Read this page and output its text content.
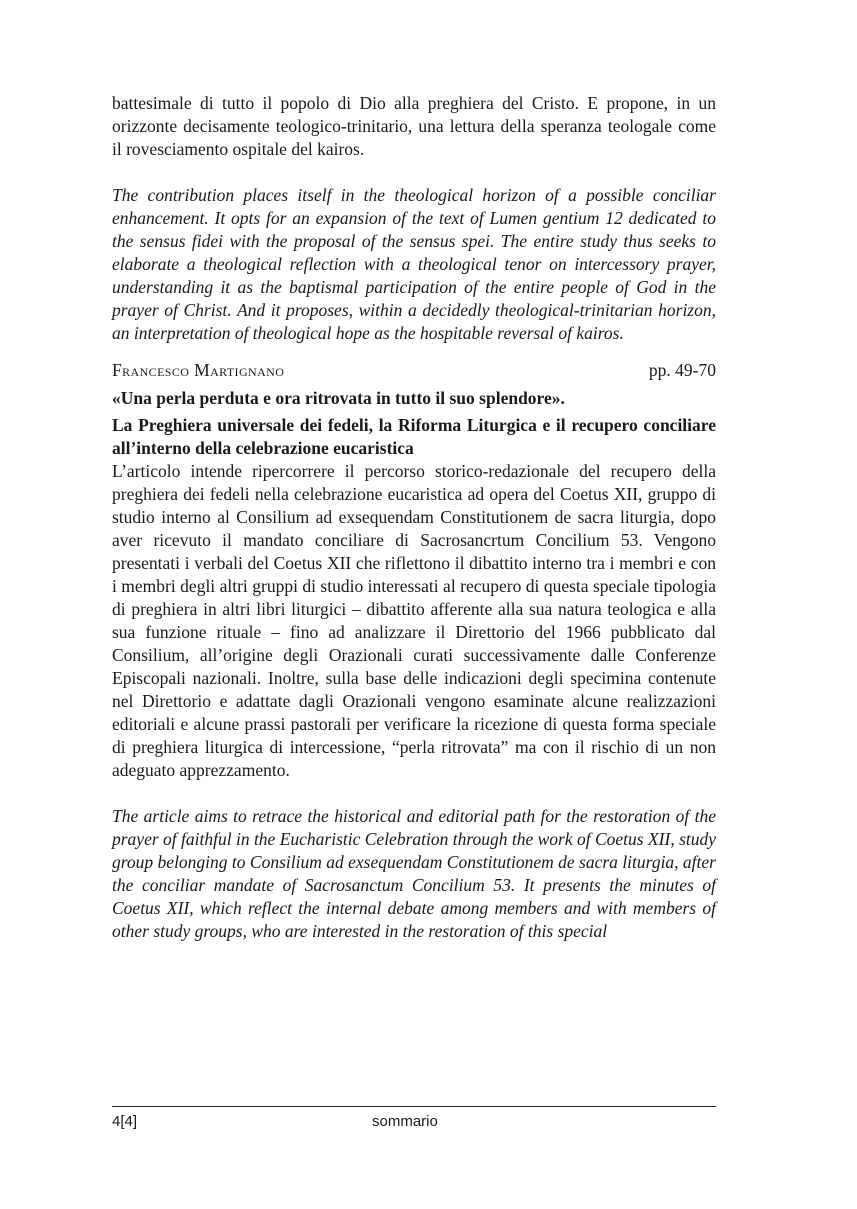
battesimale di tutto il popolo di Dio alla preghiera del Cristo. E propone, in un orizzonte decisamente teologico-trinitario, una lettura della speranza teologale come il rovesciamento ospitale del kairos.

The contribution places itself in the theological horizon of a possible conciliar enhancement. It opts for an expansion of the text of Lumen gentium 12 dedicated to the sensus fidei with the proposal of the sensus spei. The entire study thus seeks to elaborate a theological reflection with a theological tenor on intercessory prayer, understanding it as the baptismal participation of the entire people of God in the prayer of Christ. And it proposes, within a decidedly theological-trinitarian horizon, an interpretation of theological hope as the hospitable reversal of kairos.

Francesco Martignano	pp. 49-70

«Una perla perduta e ora ritrovata in tutto il suo splendore».

La Preghiera universale dei fedeli, la Riforma Liturgica e il recupero conciliare all’interno della celebrazione eucaristica

L’articolo intende ripercorrere il percorso storico-redazionale del recupero della preghiera dei fedeli nella celebrazione eucaristica ad opera del Coetus XII, gruppo di studio interno al Consilium ad exsequendam Constitutionem de sacra liturgia, dopo aver ricevuto il mandato conciliare di Sacrosancrtum Concilium 53. Vengono presentati i verbali del Coetus XII che riflettono il dibattito interno tra i membri e con i membri degli altri gruppi di studio interessati al recupero di questa speciale tipologia di preghiera in altri libri liturgici – dibattito afferente alla sua natura teologica e alla sua funzione rituale – fino ad analizzare il Direttorio del 1966 pubblicato dal Consilium, all’origine degli Orazionali curati successivamente dalle Conferenze Episcopali nazionali. Inoltre, sulla base delle indicazioni degli specimina contenute nel Direttorio e adattate dagli Orazionali vengono esaminate alcune realizzazioni editoriali e alcune prassi pastorali per verificare la ricezione di questa forma speciale di preghiera liturgica di intercessione, “perla ritrovata” ma con il rischio di un non adeguato apprezzamento.

The article aims to retrace the historical and editorial path for the restoration of the prayer of faithful in the Eucharistic Celebration through the work of Coetus XII, study group belonging to Consilium ad exsequendam Constitutionem de sacra liturgia, after the conciliar mandate of Sacrosanctum Concilium 53. It presents the minutes of Coetus XII, which reflect the internal debate among members and with members of other study groups, who are interested in the restoration of this special

4[4]	sommario
